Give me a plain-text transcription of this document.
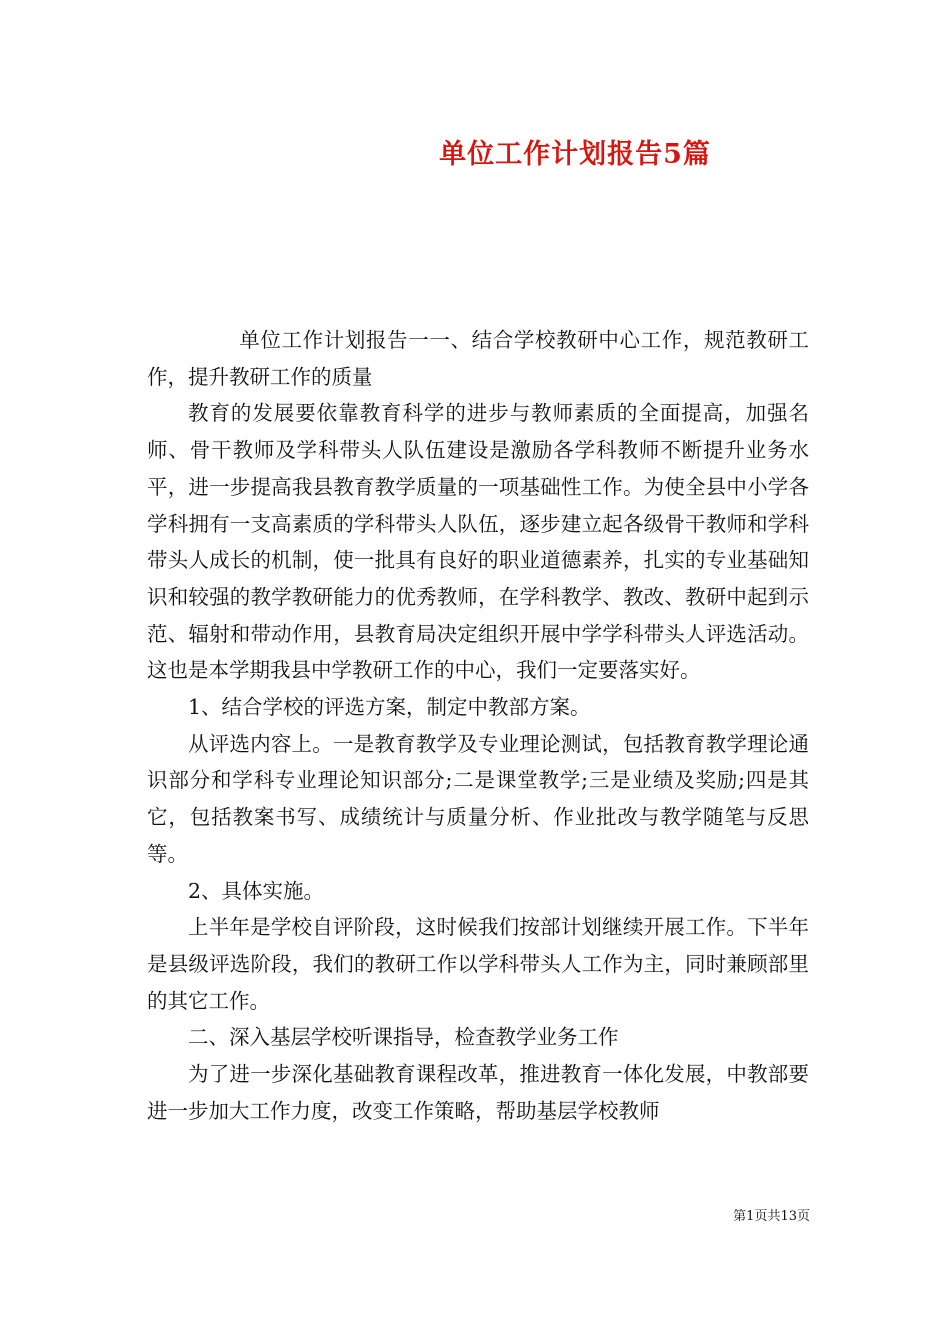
单位工作计划报告5篇

单位工作计划报告一一、结合学校教研中心工作，规范教研工作，提升教研工作的质量

教育的发展要依靠教育科学的进步与教师素质的全面提高，加强名师、骨干教师及学科带头人队伍建设是激励各学科教师不断提升业务水平，进一步提高我县教育教学质量的一项基础性工作。为使全县中小学各学科拥有一支高素质的学科带头人队伍，逐步建立起各级骨干教师和学科带头人成长的机制，使一批具有良好的职业道德素养，扎实的专业基础知识和较强的教学教研能力的优秀教师，在学科教学、教改、教研中起到示范、辐射和带动作用，县教育局决定组织开展中学学科带头人评选活动。这也是本学期我县中学教研工作的中心，我们一定要落实好。

1、结合学校的评选方案，制定中教部方案。

从评选内容上。一是教育教学及专业理论测试，包括教育教学理论通识部分和学科专业理论知识部分;二是课堂教学;三是业绩及奖励;四是其它，包括教案书写、成绩统计与质量分析、作业批改与教学随笔与反思等。

2、具体实施。

上半年是学校自评阶段，这时候我们按部计划继续开展工作。下半年是县级评选阶段，我们的教研工作以学科带头人工作为主，同时兼顾部里的其它工作。

二、深入基层学校听课指导，检查教学业务工作

为了进一步深化基础教育课程改革，推进教育一体化发展，中教部要进一步加大工作力度，改变工作策略，帮助基层学校教师

第1页共13页
